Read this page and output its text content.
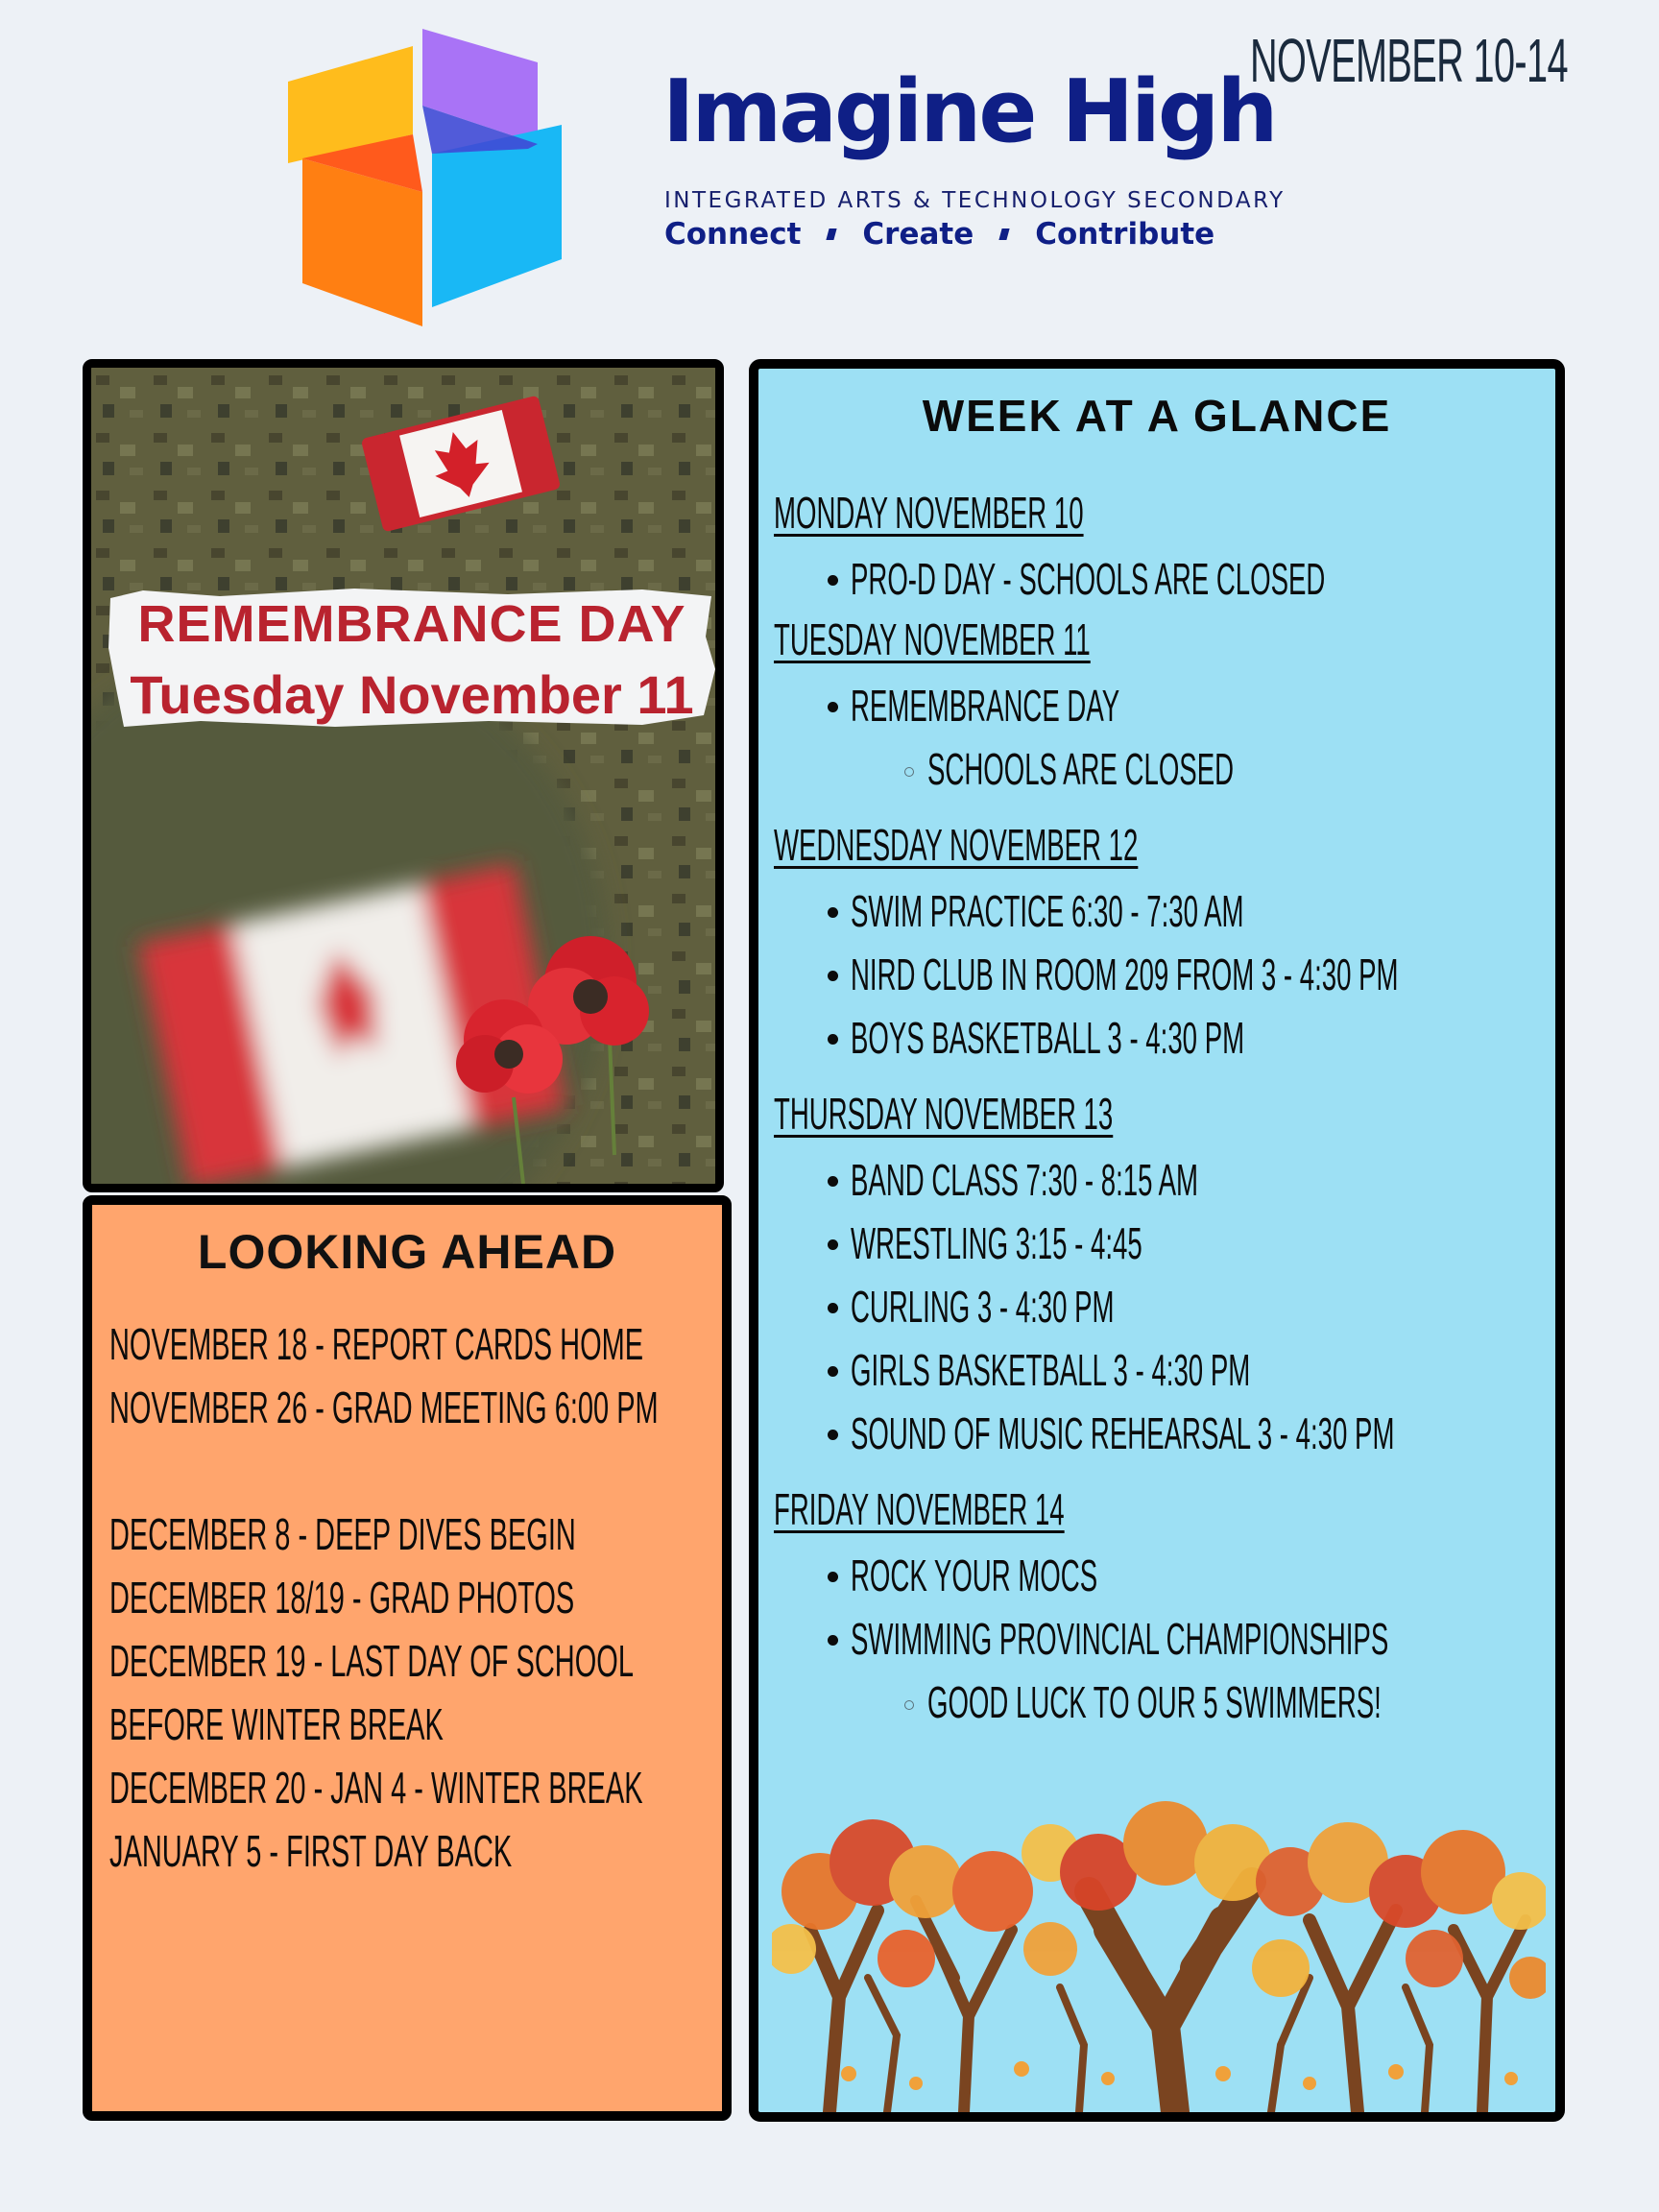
Imagine High
INTEGRATED ARTS & TECHNOLOGY SECONDARY
Connect Create Contribute
NOVEMBER 10-14
REMEMBRANCE DAY
Tuesday November 11
LOOKING AHEAD
NOVEMBER 18 - REPORT CARDS HOME
NOVEMBER 26 - GRAD MEETING 6:00 PM
DECEMBER 8 - DEEP DIVES BEGIN
DECEMBER 18/19 - GRAD PHOTOS
DECEMBER 19 - LAST DAY OF SCHOOL
BEFORE WINTER BREAK
DECEMBER 20 - JAN 4 - WINTER BREAK
JANUARY 5 - FIRST DAY BACK
WEEK AT A GLANCE
MONDAY NOVEMBER 10
PRO-D DAY - SCHOOLS ARE CLOSED
TUESDAY NOVEMBER 11
REMEMBRANCE DAY
SCHOOLS ARE CLOSED
WEDNESDAY NOVEMBER 12
SWIM PRACTICE 6:30 - 7:30 AM
NIRD CLUB IN ROOM 209 FROM 3 - 4:30 PM
BOYS BASKETBALL 3 - 4:30 PM
THURSDAY NOVEMBER 13
BAND CLASS 7:30 - 8:15 AM
WRESTLING 3:15 - 4:45
CURLING 3 - 4:30 PM
GIRLS BASKETBALL 3 - 4:30 PM
SOUND OF MUSIC REHEARSAL 3 - 4:30 PM
FRIDAY NOVEMBER 14
ROCK YOUR MOCS
SWIMMING PROVINCIAL CHAMPIONSHIPS
GOOD LUCK TO OUR 5 SWIMMERS!
